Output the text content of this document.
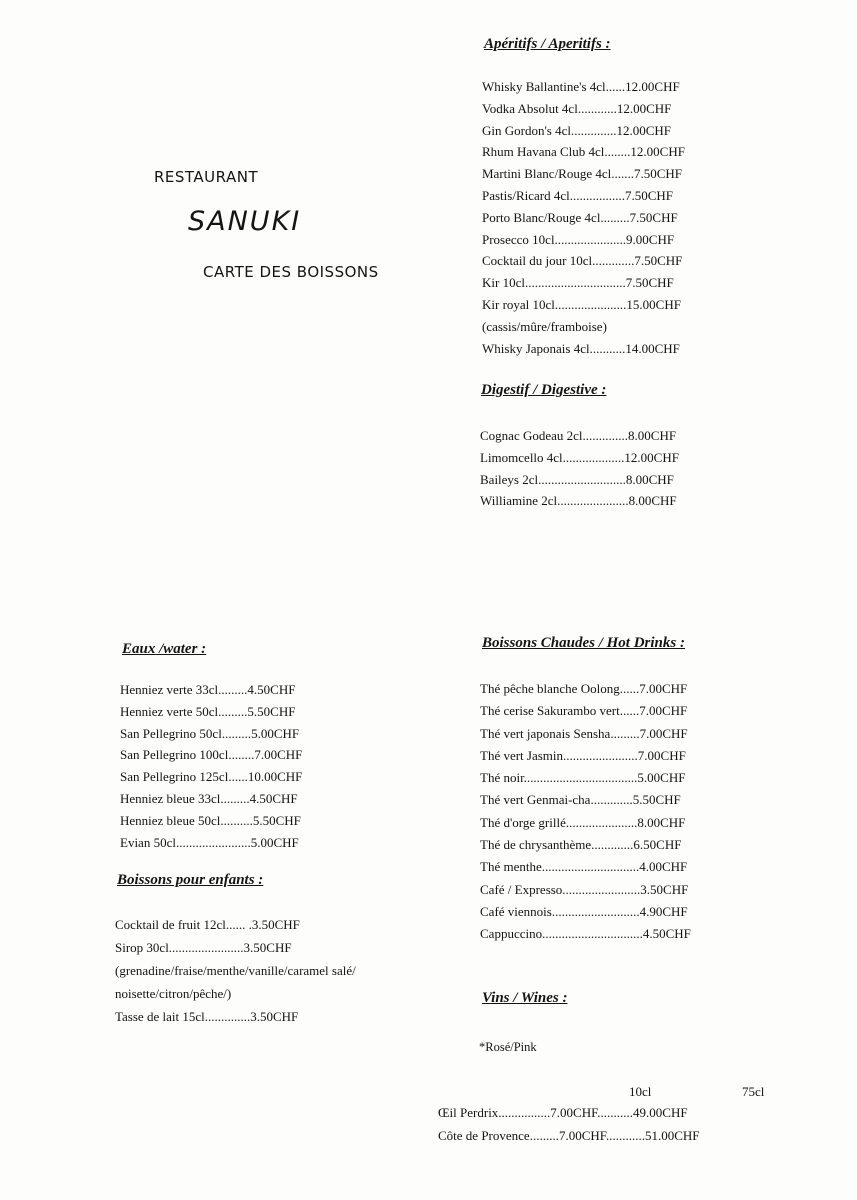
RESTAURANT
SANUKI
CARTE DES BOISSONS
Apéritifs / Aperitifs :
Whisky Ballantine's 4cl......12.00CHF
Vodka Absolut 4cl............12.00CHF
Gin Gordon's 4cl..............12.00CHF
Rhum Havana Club 4cl........12.00CHF
Martini Blanc/Rouge 4cl.......7.50CHF
Pastis/Ricard 4cl.................7.50CHF
Porto Blanc/Rouge 4cl.........7.50CHF
Prosecco 10cl......................9.00CHF
Cocktail du jour 10cl.............7.50CHF
Kir 10cl...............................7.50CHF
Kir royal 10cl......................15.00CHF
(cassis/mûre/framboise)
Whisky Japonais 4cl...........14.00CHF
Digestif / Digestive :
Cognac Godeau 2cl..............8.00CHF
Limomcello 4cl...................12.00CHF
Baileys 2cl...........................8.00CHF
Williamine 2cl......................8.00CHF
Eaux /water :
Henniez verte 33cl.........4.50CHF
Henniez verte 50cl.........5.50CHF
San Pellegrino 50cl.........5.00CHF
San Pellegrino 100cl........7.00CHF
San Pellegrino 125cl......10.00CHF
Henniez bleue 33cl.........4.50CHF
Henniez bleue 50cl..........5.50CHF
Evian 50cl.......................5.00CHF
Boissons pour enfants :
Cocktail de fruit 12cl...... .3.50CHF
Sirop 30cl.......................3.50CHF
(grenadine/fraise/menthe/vanille/caramel salé/
noisette/citron/pêche/)
Tasse de lait 15cl..............3.50CHF
Boissons Chaudes / Hot Drinks :
Thé pêche blanche Oolong......7.00CHF
Thé cerise Sakurambo vert......7.00CHF
Thé vert japonais Sensha.........7.00CHF
Thé vert Jasmin.......................7.00CHF
Thé noir...................................5.00CHF
Thé vert Genmai-cha.............5.50CHF
Thé d'orge grillé......................8.00CHF
Thé de chrysanthème.............6.50CHF
Thé menthe..............................4.00CHF
Café / Expresso........................3.50CHF
Café viennois...........................4.90CHF
Cappuccino...............................4.50CHF
Vins / Wines :
*Rosé/Pink
10cl	75cl
Œil Perdrix................7.00CHF...........49.00CHF
Côte de Provence.........7.00CHF............51.00CHF
